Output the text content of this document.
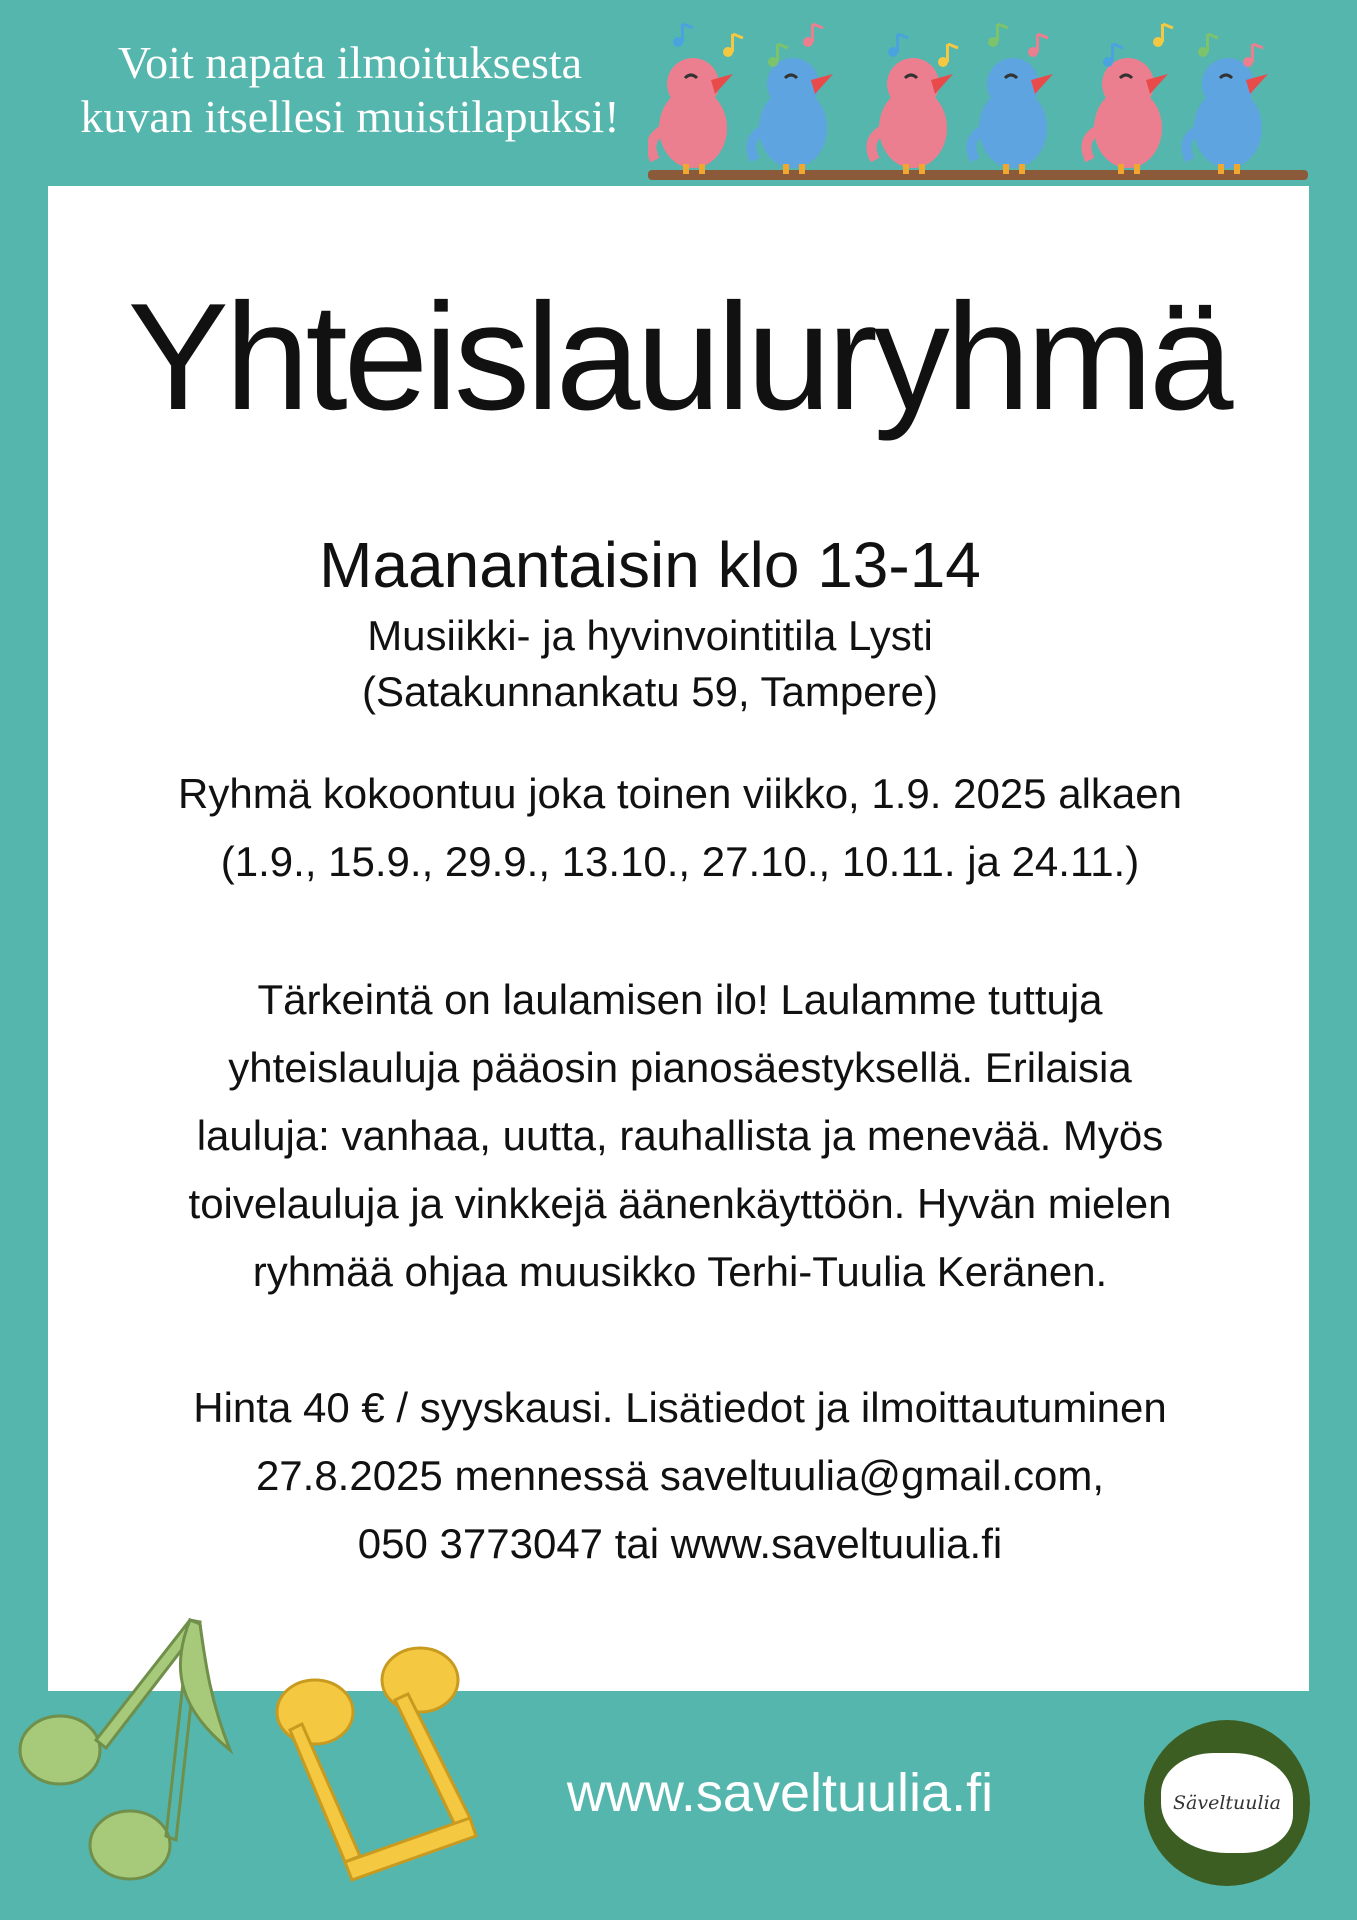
Voit napata ilmoituksesta
kuvan itsellesi muistilapuksi!
Yhteislauluryhmä
Maanantaisin klo 13-14
Musiikki- ja hyvinvointitila Lysti
(Satakunnankatu 59, Tampere)

Ryhmä kokoontuu joka toinen viikko, 1.9. 2025 alkaen

(1.9., 15.9., 29.9., 13.10., 27.10., 10.11. ja 24.11.)

Tärkeintä on laulamisen ilo! Laulamme tuttuja

yhteislauluja pääosin pianosäestyksellä. Erilaisia

lauluja: vanhaa, uutta, rauhallista ja menevää. Myös

toivelauluja ja vinkkejä äänenkäyttöön. Hyvän mielen

ryhmää ohjaa muusikko Terhi-Tuulia Keränen.

Hinta 40 € / syyskausi. Lisätiedot ja ilmoittautuminen

27.8.2025 mennessä saveltuulia@gmail.com,

050 3773047 tai www.saveltuulia.fi

www.saveltuulia.fi	Säveltuulia
